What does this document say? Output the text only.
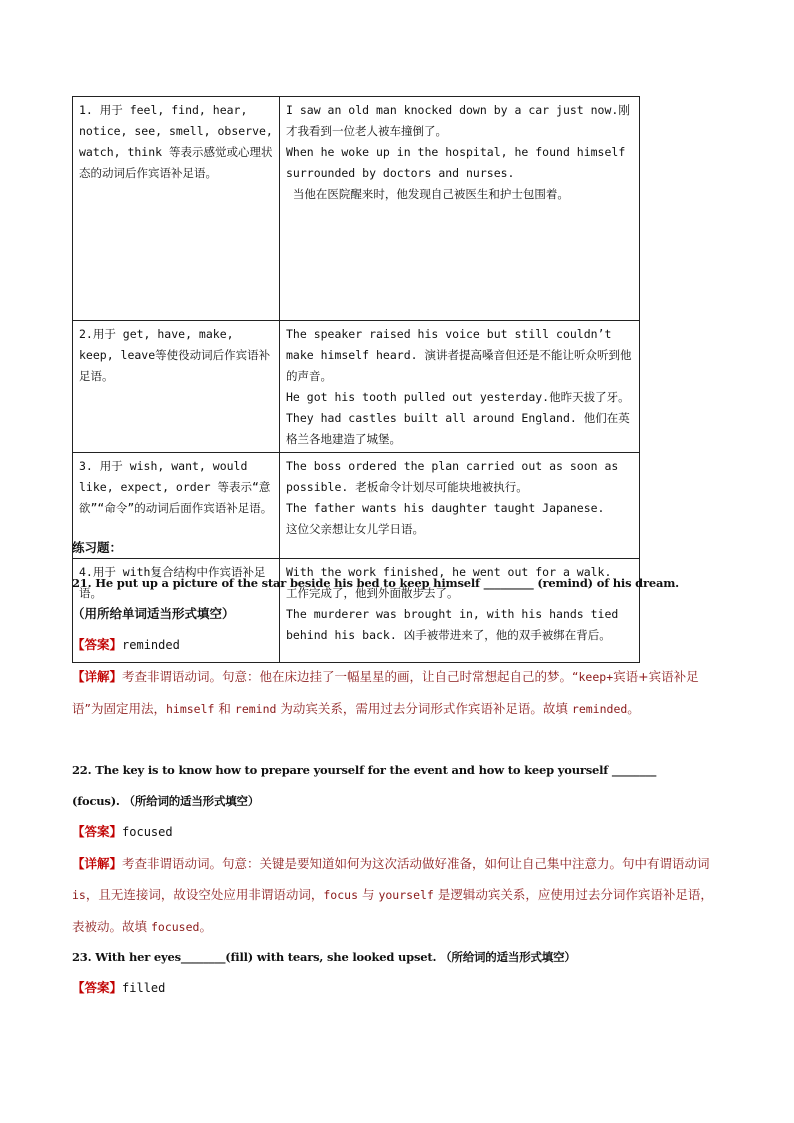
1. 用于 feel, find, hear, notice, see, smell, observe, watch, think 等表示感觉或心理状态的动词后作宾语补足语。	I saw an old man knocked down by a car just now.刚才我看到一位老人被车撞倒了。

When he woke up in the hospital, he found himself surrounded by doctors and nurses.

当他在医院醒来时，他发现自己被医生和护士包围着。

2.用于 get, have, make, keep, leave等使役动词后作宾语补足语。	The speaker raised his voice but still couldn’t make himself heard. 演讲者提高嗓音但还是不能让听众听到他的声音。

He got his tooth pulled out yesterday.他昨天拔了牙。

They had castles built all around England. 他们在英格兰各地建造了城堡。

3. 用于 wish, want, would like, expect, order 等表示“意欲”“命令”的动词后面作宾语补足语。	The boss ordered the plan carried out as soon as possible. 老板命令计划尽可能块地被执行。

The father wants his daughter taught Japanese.

这位父亲想让女儿学日语。

4.用于 with复合结构中作宾语补足语。	With the work finished, he went out for a walk.

工作完成了，他到外面散步去了。

The murderer was brought in, with his hands tied behind his back. 凶手被带进来了，他的双手被绑在背后。

练习题：
21. He put up a picture of the star beside his bed to keep himself _________ (remind) of his dream.
（用所给单词适当形式填空）
【答案】reminded
【详解】考查非谓语动词。句意：他在床边挂了一幅星星的画，让自己时常想起自己的梦。“keep+宾语+宾语补足语”为固定用法，himself 和 remind 为动宾关系，需用过去分词形式作宾语补足语。故填 reminded。
22. The key is to know how to prepare yourself for the event and how to keep yourself ________
(focus). （所给词的适当形式填空）
【答案】focused
【详解】考查非谓语动词。句意：关键是要知道如何为这次活动做好准备，如何让自己集中注意力。句中有谓语动词 is，且无连接词，故设空处应用非谓语动词，focus 与 yourself 是逻辑动宾关系，应使用过去分词作宾语补足语，表被动。故填 focused。
23. With her eyes________(fill) with tears, she looked upset. （所给词的适当形式填空）
【答案】filled
